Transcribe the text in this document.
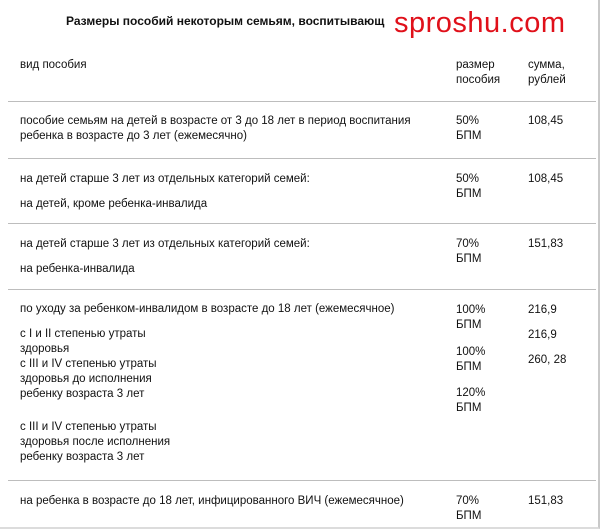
Размеры пособий некоторым семьям, воспитывающ sproshu.com
вид пособия	размер
пособия
сумма,
рублей
пособие семьям на детей в возрасте от 3 до 18 лет в период воспитания
ребенка в возрасте до 3 лет (ежемесячно)
50%
БПМ
108,45
на детей старше 3 лет из отдельных категорий семей:
на детей, кроме ребенка-инвалида
50%
БПМ
108,45
на детей старше 3 лет из отдельных категорий семей:
на ребенка-инвалида
70%
БПМ
151,83
по уходу за ребенком-инвалидом в возрасте до 18 лет (ежемесячное)
с I и II степенью утраты
здоровья
с III и IV степенью утраты
здоровья до исполнения
ребенку возраста 3 лет
с III и IV степенью утраты
здоровья после исполнения
ребенку возраста 3 лет
100%
БПМ
100%
БПМ
120%
БПМ
216,9
216,9
260, 28
на ребенка в возрасте до 18 лет, инфицированного ВИЧ (ежемесячное)	70%
БПМ
151,83
